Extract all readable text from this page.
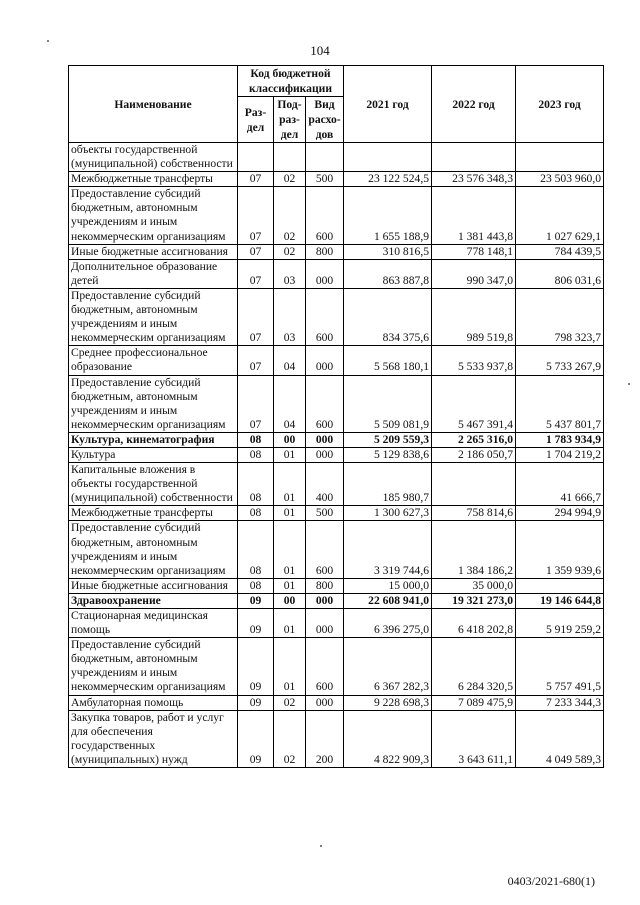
104
Наименование	Код бюджетной классификации			2021 год	2022 год	2023 год
	Раз-дел	Под-раз-дел	Вид расхо-дов			
объекты государственной (муниципальной) собственности						
Межбюджетные трансферты	07	02	500	23 122 524,5	23 576 348,3	23 503 960,0
Предоставление субсидий бюджетным, автономным учреждениям и иным некоммерческим организациям	07	02	600	1 655 188,9	1 381 443,8	1 027 629,1
Иные бюджетные ассигнования	07	02	800	310 816,5	778 148,1	784 439,5
Дополнительное образование детей	07	03	000	863 887,8	990 347,0	806 031,6
Предоставление субсидий бюджетным, автономным учреждениям и иным некоммерческим организациям	07	03	600	834 375,6	989 519,8	798 323,7
Среднее профессиональное образование	07	04	000	5 568 180,1	5 533 937,8	5 733 267,9
Предоставление субсидий бюджетным, автономным учреждениям и иным некоммерческим организациям	07	04	600	5 509 081,9	5 467 391,4	5 437 801,7
Культура, кинематография	08	00	000	5 209 559,3	2 265 316,0	1 783 934,9
Культура	08	01	000	5 129 838,6	2 186 050,7	1 704 219,2
Капитальные вложения в объекты государственной (муниципальной) собственности	08	01	400	185 980,7		41 666,7
Межбюджетные трансферты	08	01	500	1 300 627,3	758 814,6	294 994,9
Предоставление субсидий бюджетным, автономным учреждениям и иным некоммерческим организациям	08	01	600	3 319 744,6	1 384 186,2	1 359 939,6
Иные бюджетные ассигнования	08	01	800	15 000,0	35 000,0	
Здравоохранение	09	00	000	22 608 941,0	19 321 273,0	19 146 644,8
Стационарная медицинская помощь	09	01	000	6 396 275,0	6 418 202,8	5 919 259,2
Предоставление субсидий бюджетным, автономным учреждениям и иным некоммерческим организациям	09	01	600	6 367 282,3	6 284 320,5	5 757 491,5
Амбулаторная помощь	09	02	000	9 228 698,3	7 089 475,9	7 233 344,3
Закупка товаров, работ и услуг для обеспечения государственных (муниципальных) нужд	09	02	200	4 822 909,3	3 643 611,1	4 049 589,3
0403/2021-680(1)
